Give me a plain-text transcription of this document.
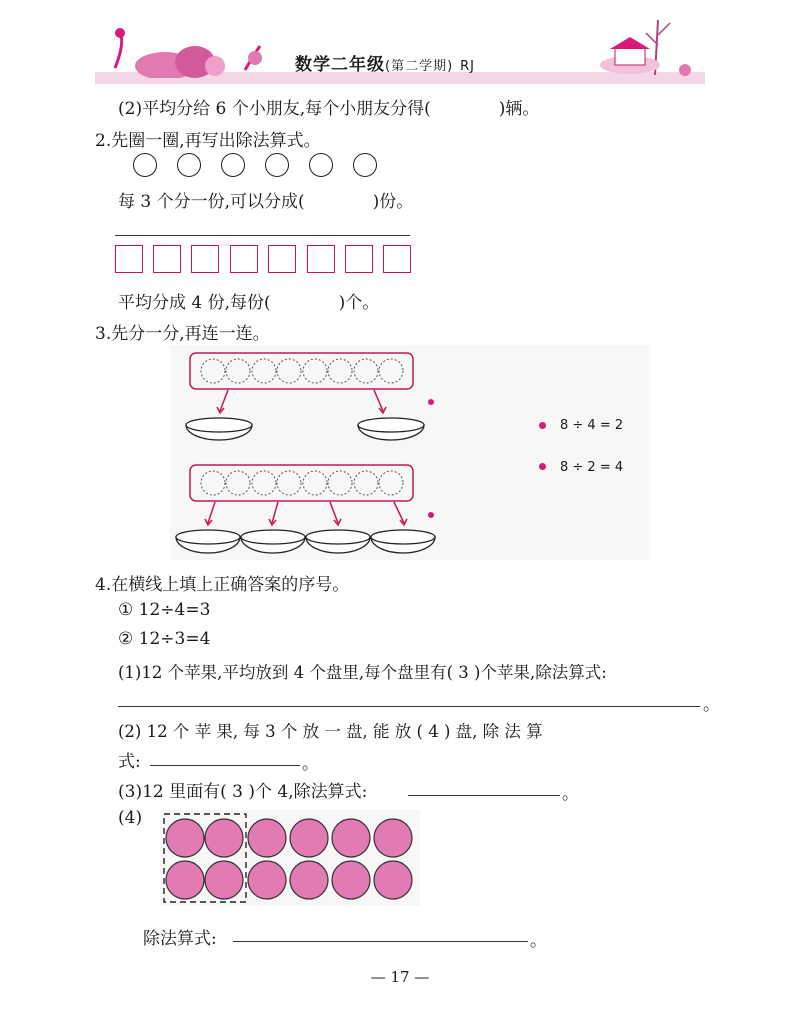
数学二年级(第二学期) RJ
(2)平均分给 6 个小朋友,每个小朋友分得(　　　　)辆。
2.先圈一圈,再写出除法算式。
每 3 个分一份,可以分成(　　　　)份。
平均分成 4 份,每份(　　　　)个。
3.先分一分,再连一连。
8 ÷ 4 = 2
8 ÷ 2 = 4
4.在横线上填上正确答案的序号。
① 12÷4=3
② 12÷3=4
(1)12 个苹果,平均放到 4 个盘里,每个盘里有( 3 )个苹果,除法算式:
。
(2) 12 个 苹 果, 每 3 个 放 一 盘, 能 放 ( 4 ) 盘, 除 法 算
式:	。
(3)12 里面有( 3 )个 4,除法算式:	。
(4)
除法算式:	。
— 17 —
